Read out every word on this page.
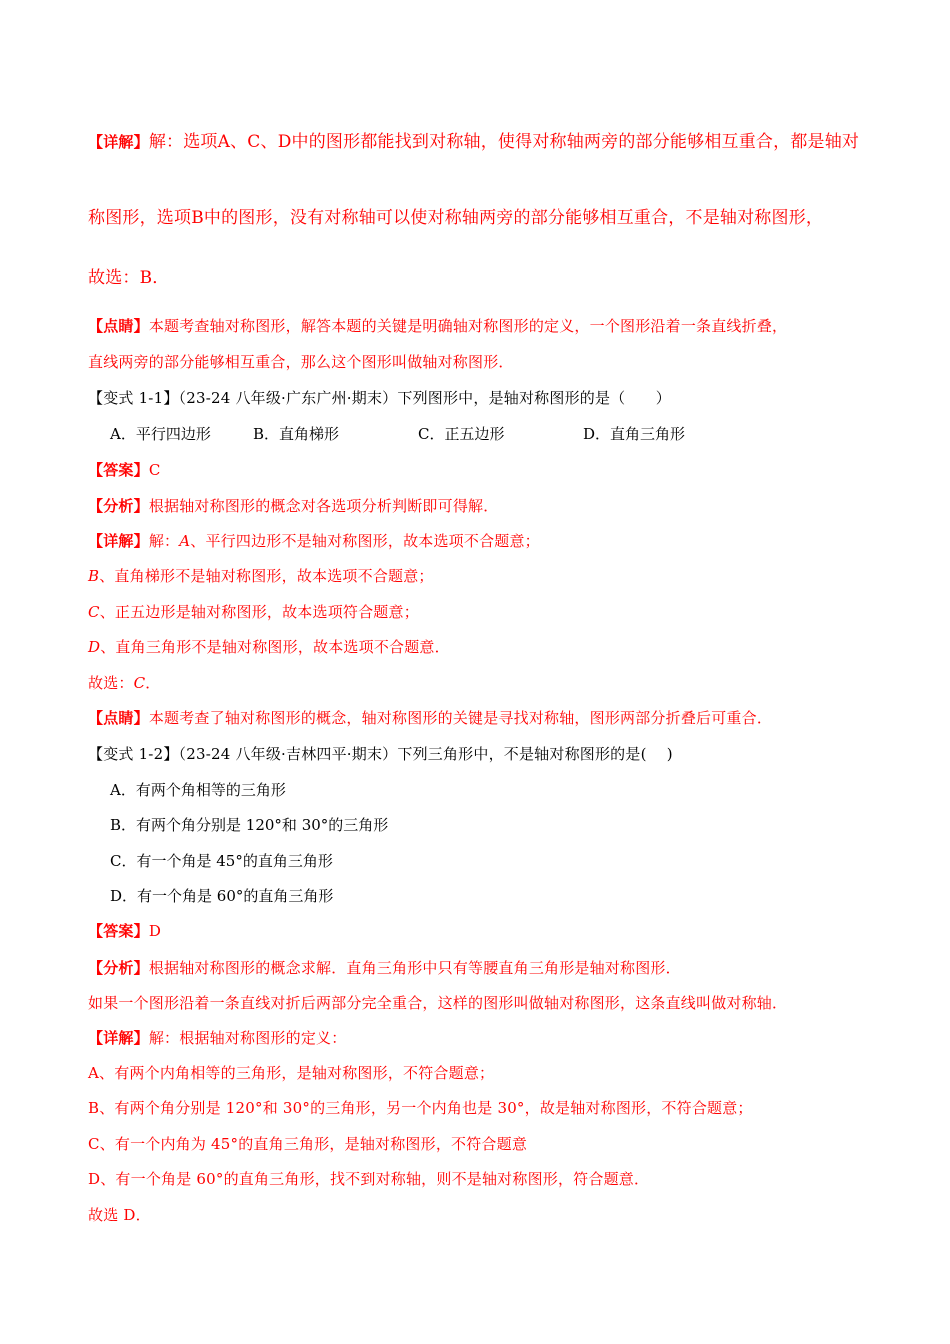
【详解】解：选项A、C、D中的图形都能找到对称轴，使得对称轴两旁的部分能够相互重合，都是轴对
称图形，选项B中的图形，没有对称轴可以使对称轴两旁的部分能够相互重合，不是轴对称图形，
故选：B．
【点睛】本题考查轴对称图形，解答本题的关键是明确轴对称图形的定义，一个图形沿着一条直线折叠，
直线两旁的部分能够相互重合，那么这个图形叫做轴对称图形．
【变式 1-1】（23-24 八年级·广东广州·期末）下列图形中，是轴对称图形的是（　　）
A．平行四边形	B．直角梯形	C．正五边形	D．直角三角形
【答案】C
【分析】根据轴对称图形的概念对各选项分析判断即可得解．
【详解】解：A、平行四边形不是轴对称图形，故本选项不合题意；
B、直角梯形不是轴对称图形，故本选项不合题意；
C、正五边形是轴对称图形，故本选项符合题意；
D、直角三角形不是轴对称图形，故本选项不合题意．
故选：C．
【点睛】本题考查了轴对称图形的概念，轴对称图形的关键是寻找对称轴，图形两部分折叠后可重合．
【变式 1-2】（23-24 八年级·吉林四平·期末）下列三角形中，不是轴对称图形的是(　 )
A．有两个角相等的三角形
B．有两个角分别是 120°和 30°的三角形
C．有一个角是 45°的直角三角形
D．有一个角是 60°的直角三角形
【答案】D
【分析】根据轴对称图形的概念求解．直角三角形中只有等腰直角三角形是轴对称图形．
如果一个图形沿着一条直线对折后两部分完全重合，这样的图形叫做轴对称图形，这条直线叫做对称轴．
【详解】解：根据轴对称图形的定义：
A、有两个内角相等的三角形，是轴对称图形，不符合题意；
B、有两个角分别是 120°和 30°的三角形，另一个内角也是 30°，故是轴对称图形，不符合题意；
C、有一个内角为 45°的直角三角形，是轴对称图形，不符合题意
D、有一个角是 60°的直角三角形，找不到对称轴，则不是轴对称图形，符合题意．
故选 D．
